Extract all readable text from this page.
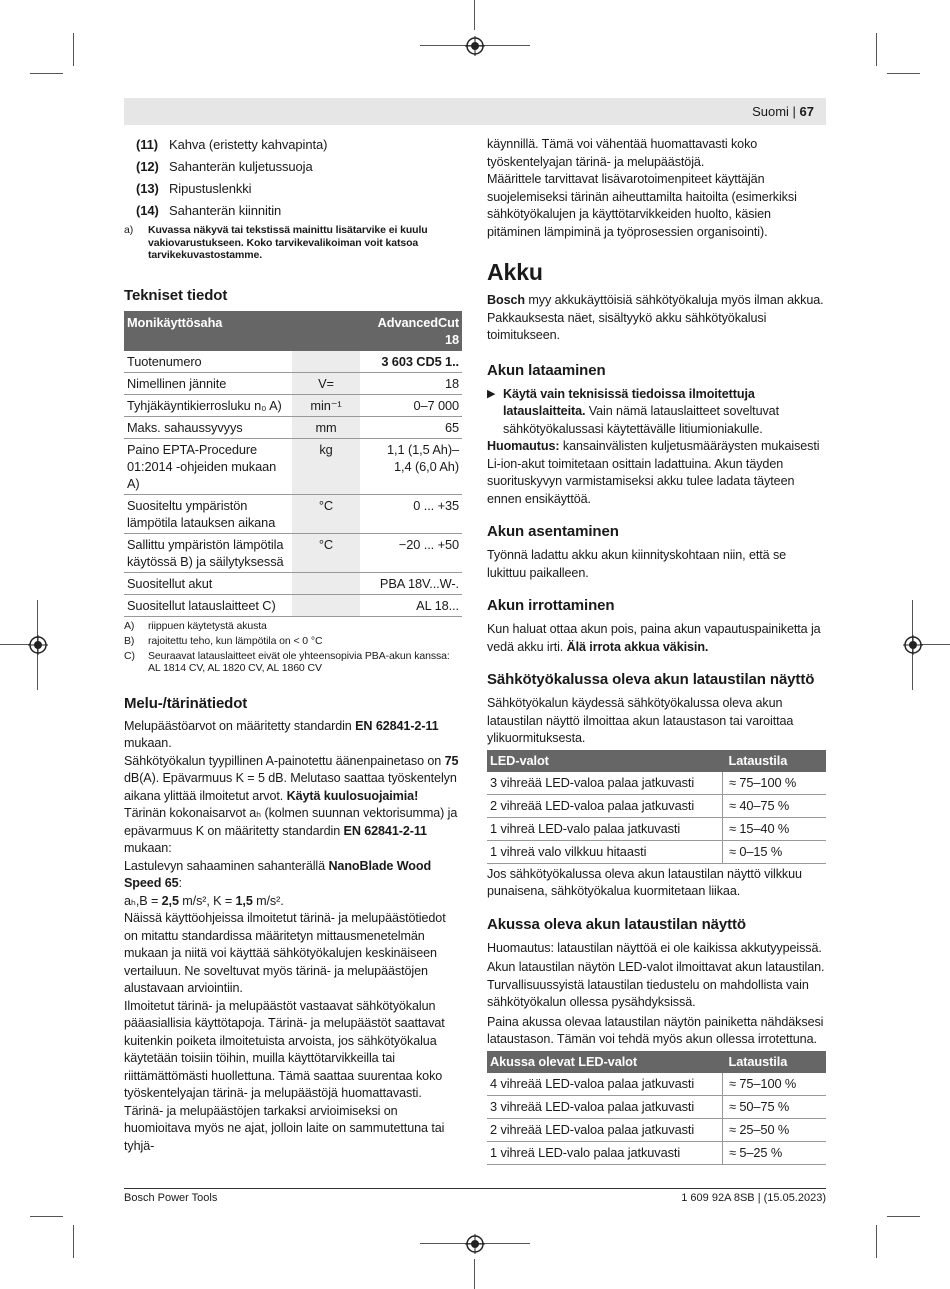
Suomi | 67
(11) Kahva (eristetty kahvapinta)
(12) Sahanterän kuljetussuoja
(13) Ripustuslenkki
(14) Sahanterän kiinnitin
a)	Kuvassa näkyvä tai tekstissä mainittu lisätarvike ei kuulu vakiovarustukseen. Koko tarvikevalikoiman voit katsoa tarvikekuvastostamme.
Tekniset tiedot
Monikäyttösaha		AdvancedCut 18
Tuotenumero		3 603 CD5 1..
Nimellinen jännite	V=	18
Tyhjäkäyntikierrosluku n₀ A)	min⁻¹	0–7 000
Maks. sahaussyvyys	mm	65
Paino EPTA-Procedure 01:2014 -ohjeiden mukaan A)	kg	1,1 (1,5 Ah)–
1,4 (6,0 Ah)
Suositeltu ympäristön lämpötila latauksen aikana	°C	0 ... +35
Sallittu ympäristön lämpötila käytössä B) ja säilytyksessä	°C	−20 ... +50
Suositellut akut		PBA 18V...W-.
Suositellut latauslaitteet C)		AL 18...
A)	riippuen käytetystä akusta
B)	rajoitettu teho, kun lämpötila on < 0 °C
C)	Seuraavat latauslaitteet eivät ole yhteensopivia PBA-akun kanssa: AL 1814 CV, AL 1820 CV, AL 1860 CV
Melu-/tärinätiedot

Melupäästöarvot on määritetty standardin EN 62841-2-11 mukaan.

Sähkötyökalun tyypillinen A-painotettu äänenpainetaso on 75 dB(A). Epävarmuus K = 5 dB. Melutaso saattaa työskentelyn aikana ylittää ilmoitetut arvot. Käytä kuulosuojaimia!

Tärinän kokonaisarvot aₕ (kolmen suunnan vektorisumma) ja epävarmuus K on määritetty standardin EN 62841-2-11 mukaan:

Lastulevyn sahaaminen sahanterällä NanoBlade Wood Speed 65:

aₕ,B = 2,5 m/s², K = 1,5 m/s².

Näissä käyttöohjeissa ilmoitetut tärinä- ja melupäästötiedot on mitattu standardissa määritetyn mittausmenetelmän mukaan ja niitä voi käyttää sähkötyökalujen keskinäiseen vertailuun. Ne soveltuvat myös tärinä- ja melupäästöjen alustavaan arviointiin.

Ilmoitetut tärinä- ja melupäästöt vastaavat sähkötyökalun pääasiallisia käyttötapoja. Tärinä- ja melupäästöt saattavat kuitenkin poiketa ilmoitetuista arvoista, jos sähkötyökalua käytetään toisiin töihin, muilla käyttötarvikkeilla tai riittämättömästi huollettuna. Tämä saattaa suurentaa koko työskentelyajan tärinä- ja melupäästöjä huomattavasti.

Tärinä- ja melupäästöjen tarkaksi arvioimiseksi on huomioitava myös ne ajat, jolloin laite on sammutettuna tai tyhjä-

käynnillä. Tämä voi vähentää huomattavasti koko työskentelyajan tärinä- ja melupäästöjä.

Määrittele tarvittavat lisävarotoimenpiteet käyttäjän suojelemiseksi tärinän aiheuttamilta haitoilta (esimerkiksi sähkötyökalujen ja käyttötarvikkeiden huolto, käsien pitäminen lämpiminä ja työprosessien organisointi).

Akku

Bosch myy akkukäyttöisiä sähkötyökaluja myös ilman akkua. Pakkauksesta näet, sisältyykö akku sähkötyökalusi toimitukseen.

Akun lataaminen
▶ Käytä vain teknisissä tiedoissa ilmoitettuja latauslaitteita. Vain nämä latauslaitteet soveltuvat sähkötyökalussasi käytettävälle litiumioniakulle.

Huomautus: kansainvälisten kuljetusmääräysten mukaisesti Li-ion-akut toimitetaan osittain ladattuina. Akun täyden suorituskyvyn varmistamiseksi akku tulee ladata täyteen ennen ensikäyttöä.

Akun asentaminen

Työnnä ladattu akku akun kiinnityskohtaan niin, että se lukittuu paikalleen.

Akun irrottaminen

Kun haluat ottaa akun pois, paina akun vapautuspainiketta ja vedä akku irti. Älä irrota akkua väkisin.

Sähkötyökalussa oleva akun lataustilan näyttö

Sähkötyökalun käydessä sähkötyökalussa oleva akun lataustilan näyttö ilmoittaa akun lataustason tai varoittaa ylikuormituksesta.

LED-valot	Lataustila
3 vihreää LED-valoa palaa jatkuvasti	≈ 75–100 %
2 vihreää LED-valoa palaa jatkuvasti	≈ 40–75 %
1 vihreä LED-valo palaa jatkuvasti	≈ 15–40 %
1 vihreä valo vilkkuu hitaasti	≈ 0–15 %

Jos sähkötyökalussa oleva akun lataustilan näyttö vilkkuu punaisena, sähkötyökalua kuormitetaan liikaa.

Akussa oleva akun lataustilan näyttö

Huomautus: lataustilan näyttöä ei ole kaikissa akkutyypeissä.

Akun lataustilan näytön LED-valot ilmoittavat akun lataustilan. Turvallisuussyistä lataustilan tiedustelu on mahdollista vain sähkötyökalun ollessa pysähdyksissä.

Paina akussa olevaa lataustilan näytön painiketta nähdäksesi lataustason. Tämän voi tehdä myös akun ollessa irrotettuna.

Akussa olevat LED-valot	Lataustila
4 vihreää LED-valoa palaa jatkuvasti	≈ 75–100 %
3 vihreää LED-valoa palaa jatkuvasti	≈ 50–75 %
2 vihreää LED-valoa palaa jatkuvasti	≈ 25–50 %
1 vihreä LED-valo palaa jatkuvasti	≈ 5–25 %
Bosch Power Tools	1 609 92A 8SB | (15.05.2023)
